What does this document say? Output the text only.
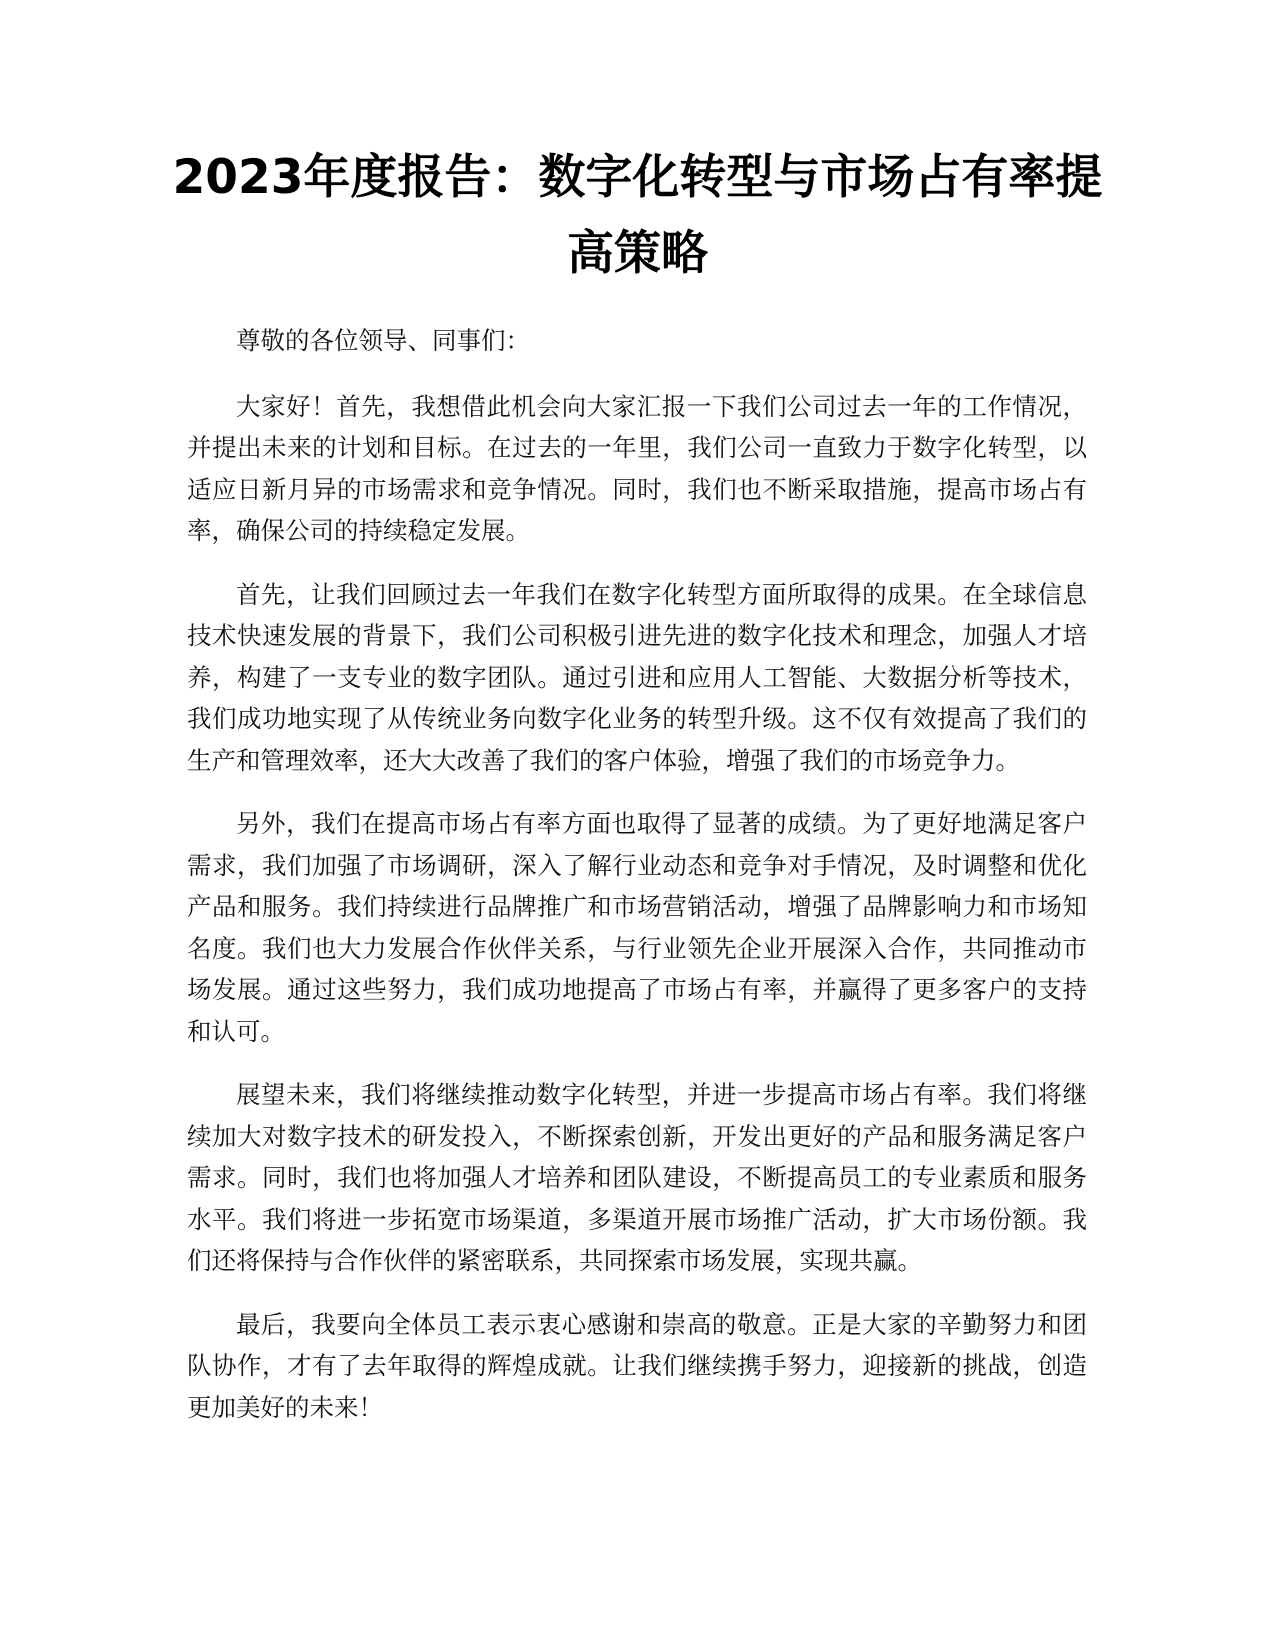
2023年度报告：数字化转型与市场占有率提高策略

尊敬的各位领导、同事们：

大家好！首先，我想借此机会向大家汇报一下我们公司过去一年的工作情况，并提出未来的计划和目标。在过去的一年里，我们公司一直致力于数字化转型，以适应日新月异的市场需求和竞争情况。同时，我们也不断采取措施，提高市场占有率，确保公司的持续稳定发展。

首先，让我们回顾过去一年我们在数字化转型方面所取得的成果。在全球信息技术快速发展的背景下，我们公司积极引进先进的数字化技术和理念，加强人才培养，构建了一支专业的数字团队。通过引进和应用人工智能、大数据分析等技术，我们成功地实现了从传统业务向数字化业务的转型升级。这不仅有效提高了我们的生产和管理效率，还大大改善了我们的客户体验，增强了我们的市场竞争力。

另外，我们在提高市场占有率方面也取得了显著的成绩。为了更好地满足客户需求，我们加强了市场调研，深入了解行业动态和竞争对手情况，及时调整和优化产品和服务。我们持续进行品牌推广和市场营销活动，增强了品牌影响力和市场知名度。我们也大力发展合作伙伴关系，与行业领先企业开展深入合作，共同推动市场发展。通过这些努力，我们成功地提高了市场占有率，并赢得了更多客户的支持和认可。

展望未来，我们将继续推动数字化转型，并进一步提高市场占有率。我们将继续加大对数字技术的研发投入，不断探索创新，开发出更好的产品和服务满足客户需求。同时，我们也将加强人才培养和团队建设，不断提高员工的专业素质和服务水平。我们将进一步拓宽市场渠道，多渠道开展市场推广活动，扩大市场份额。我们还将保持与合作伙伴的紧密联系，共同探索市场发展，实现共赢。

最后，我要向全体员工表示衷心感谢和崇高的敬意。正是大家的辛勤努力和团队协作，才有了去年取得的辉煌成就。让我们继续携手努力，迎接新的挑战，创造更加美好的未来！
